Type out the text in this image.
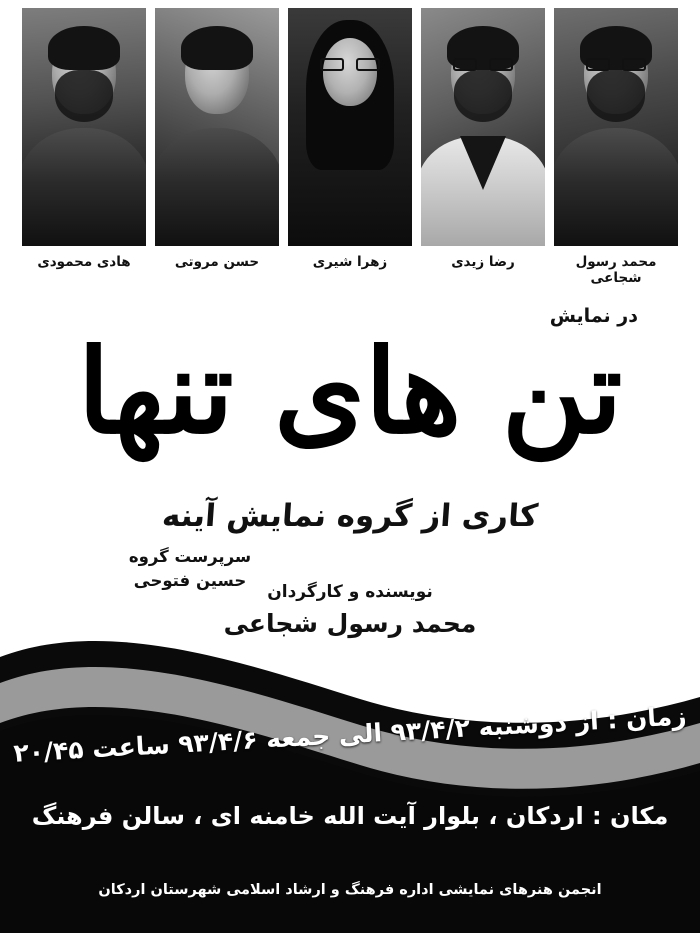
محمد رسول شجاعی
رضا زیدی
زهرا شیری
حسن مروتی
هادی محمودی
در نمایش
تن های تنها
کاری از گروه نمایش آینه
سرپرست گروه
حسین فتوحی
نویسنده و کارگردان
محمد رسول شجاعی
زمان : از دوشنبه ۹۳/۴/۲ الی جمعه ۹۳/۴/۶ ساعت ۲۰/۴۵
مکان : اردکان ، بلوار آیت الله خامنه ای ، سالن فرهنگ
انجمن هنرهای نمایشی اداره فرهنگ و ارشاد اسلامی شهرستان اردکان
